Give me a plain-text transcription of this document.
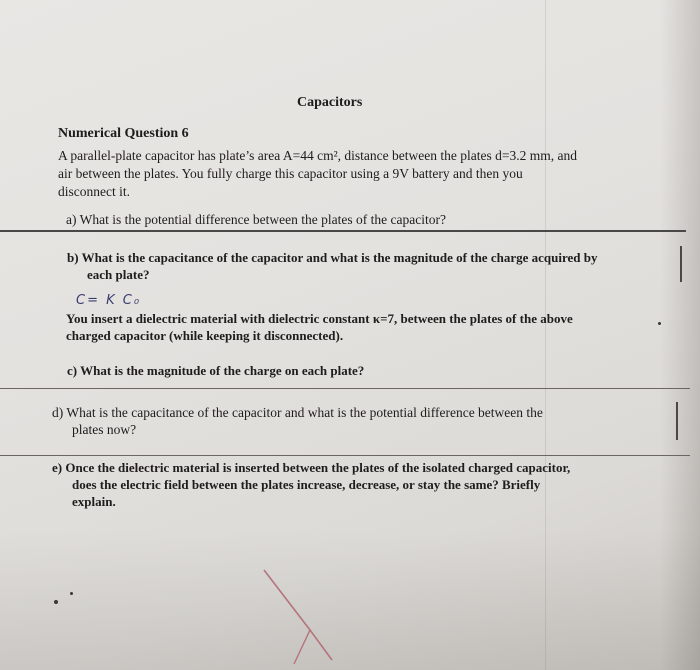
Capacitors
Numerical Question 6
A parallel-plate capacitor has plate’s area A=44 cm², distance between the plates d=3.2 mm, and
air between the plates. You fully charge this capacitor using a 9V battery and then you
disconnect it.
a) What is the potential difference between the plates of the capacitor?
b) What is the capacitance of the capacitor and what is the magnitude of the charge acquired by
each plate?
C= K C₀
You insert a dielectric material with dielectric constant κ=7, between the plates of the above
charged capacitor (while keeping it disconnected).
c) What is the magnitude of the charge on each plate?
d) What is the capacitance of the capacitor and what is the potential difference between the
plates now?
e) Once the dielectric material is inserted between the plates of the isolated charged capacitor,
does the electric field between the plates increase, decrease, or stay the same? Briefly
explain.
